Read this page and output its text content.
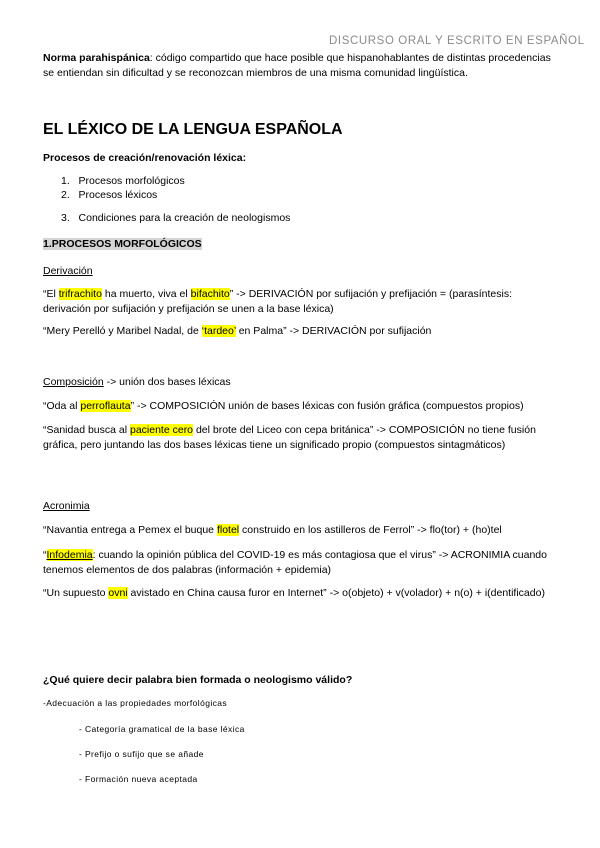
DISCURSO ORAL Y ESCRITO EN ESPAÑOL
Norma parahispánica: código compartido que hace posible que hispanohablantes de distintas procedencias se entiendan sin dificultad y se reconozcan miembros de una misma comunidad lingüística.
EL LÉXICO DE LA LENGUA ESPAÑOLA
Procesos de creación/renovación léxica:
1. Procesos morfológicos
2. Procesos léxicos
3. Condiciones para la creación de neologismos
1.PROCESOS MORFOLÓGICOS
Derivación
“El trifrachito ha muerto, viva el bifachito” -> DERIVACIÓN por sufijación y prefijación = (parasíntesis: derivación por sufijación y prefijación se unen a la base léxica)
“Mery Perelló y Maribel Nadal, de ‘tardeo’ en Palma” -> DERIVACIÓN por sufijación
Composición -> unión dos bases léxicas
“Oda al perroflauta” -> COMPOSICIÓN unión de bases léxicas con fusión gráfica (compuestos propios)
“Sanidad busca al paciente cero del brote del Liceo con cepa británica” -> COMPOSICIÓN no tiene fusión gráfica, pero juntando las dos bases léxicas tiene un significado propio (compuestos sintagmáticos)
Acronimia
“Navantia entrega a Pemex el buque flotel construido en los astilleros de Ferrol” -> flo(tor) + (ho)tel
“Infodemia: cuando la opinión pública del COVID-19 es más contagiosa que el virus” -> ACRONIMIA cuando tenemos elementos de dos palabras (información + epidemia)
“Un supuesto ovni avistado en China causa furor en Internet” -> o(objeto) + v(volador) + n(o) + i(dentificado)
¿Qué quiere decir palabra bien formada o neologismo válido?
-Adecuación a las propiedades morfológicas
- Categoría gramatical de la base léxica
- Prefijo o sufijo que se añade
- Formación nueva aceptada
